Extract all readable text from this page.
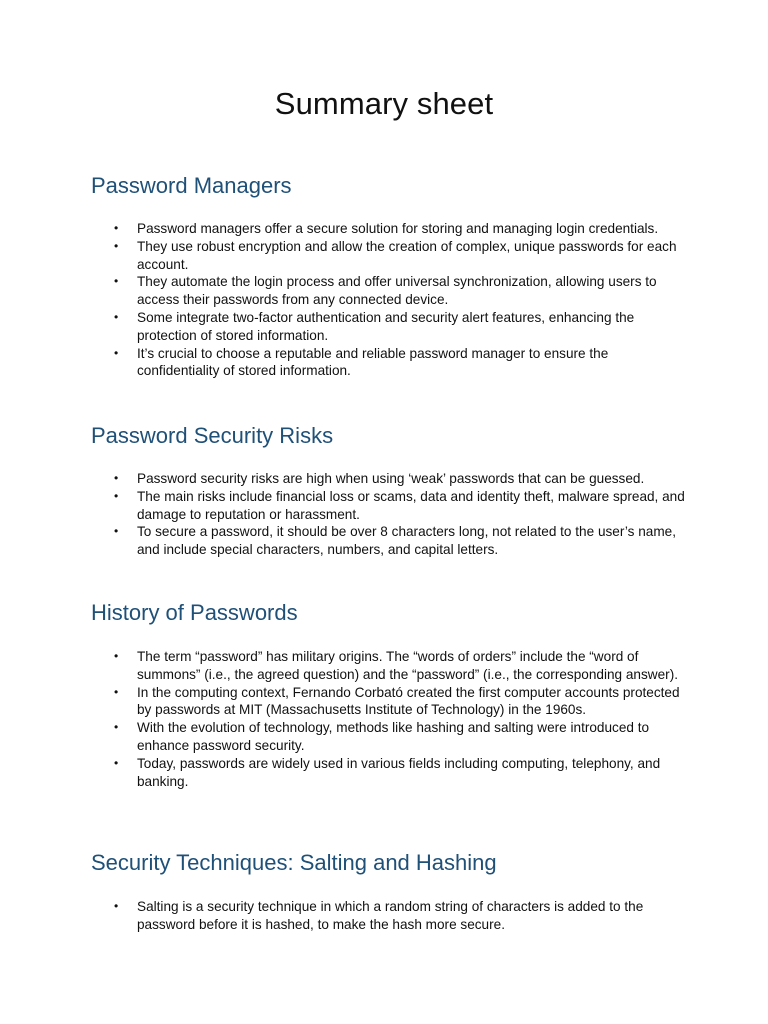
Summary sheet
Password Managers
• Password managers offer a secure solution for storing and managing login credentials.
• They use robust encryption and allow the creation of complex, unique passwords for each account.
• They automate the login process and offer universal synchronization, allowing users to access their passwords from any connected device.
• Some integrate two-factor authentication and security alert features, enhancing the protection of stored information.
• It’s crucial to choose a reputable and reliable password manager to ensure the confidentiality of stored information.
Password Security Risks
• Password security risks are high when using ‘weak’ passwords that can be guessed.
• The main risks include financial loss or scams, data and identity theft, malware spread, and damage to reputation or harassment.
• To secure a password, it should be over 8 characters long, not related to the user’s name, and include special characters, numbers, and capital letters.
History of Passwords
• The term “password” has military origins. The “words of orders” include the “word of summons” (i.e., the agreed question) and the “password” (i.e., the corresponding answer).
• In the computing context, Fernando Corbató created the first computer accounts protected by passwords at MIT (Massachusetts Institute of Technology) in the 1960s.
• With the evolution of technology, methods like hashing and salting were introduced to enhance password security.
• Today, passwords are widely used in various fields including computing, telephony, and banking.
Security Techniques: Salting and Hashing
• Salting is a security technique in which a random string of characters is added to the password before it is hashed, to make the hash more secure.
